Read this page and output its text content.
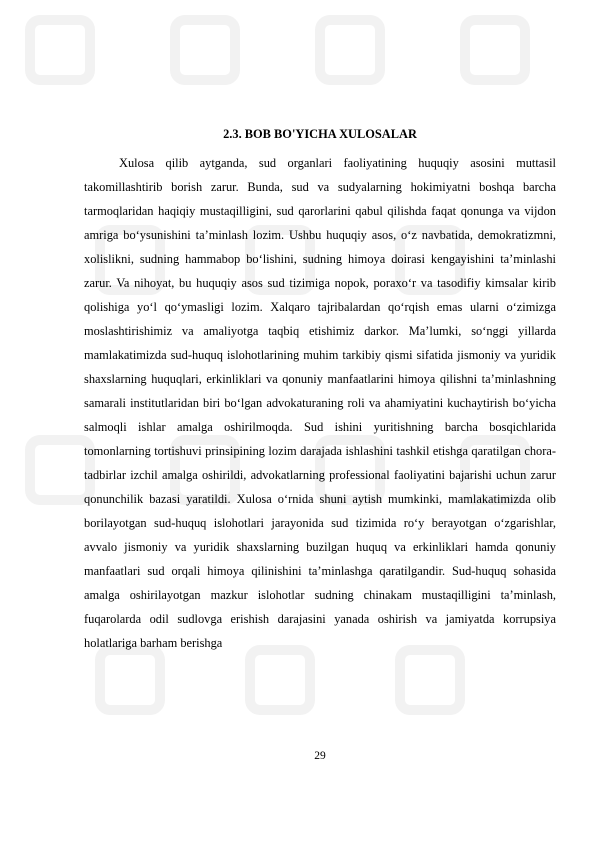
2.3. BOB BO'YICHA XULOSALAR

Xulosa qilib aytganda, sud organlari faoliyatining huquqiy asosini muttasil takomillashtirib borish zarur. Bunda, sud va sudyalarning hokimiyatni boshqa barcha tarmoqlaridan haqiqiy mustaqilligini, sud qarorlarini qabul qilishda faqat qonunga va vijdon amriga bo‘ysunishini ta’minlash lozim. Ushbu huquqiy asos, o‘z navbatida, demokratizmni, xolislikni, sudning hammabop bo‘lishini, sudning himoya doirasi kengayishini ta’minlashi zarur. Va nihoyat, bu huquqiy asos sud tizimiga nopok, poraxo‘r va tasodifiy kimsalar kirib qolishiga yo‘l qo‘ymasligi lozim. Xalqaro tajribalardan qo‘rqish emas ularni o‘zimizga moslashtirishimiz va amaliyotga taqbiq etishimiz darkor. Ma’lumki, so‘nggi yillarda mamlakatimizda sud-huquq islohotlarining muhim tarkibiy qismi sifatida jismoniy va yuridik shaxslarning huquqlari, erkinliklari va qonuniy manfaatlarini himoya qilishni ta’minlashning samarali institutlaridan biri bo‘lgan advokaturaning roli va ahamiyatini kuchaytirish bo‘yicha salmoqli ishlar amalga oshirilmoqda. Sud ishini yuritishning barcha bosqichlarida tomonlarning tortishuvi prinsipining lozim darajada ishlashini tashkil etishga qaratilgan chora-tadbirlar izchil amalga oshirildi, advokatlarning professional faoliyatini bajarishi uchun zarur qonunchilik bazasi yaratildi. Xulosa o‘rnida shuni aytish mumkinki, mamlakatimizda olib borilayotgan sud-huquq islohotlari jarayonida sud tizimida ro‘y berayotgan o‘zgarishlar, avvalo jismoniy va yuridik shaxslarning buzilgan huquq va erkinliklari hamda qonuniy manfaatlari sud orqali himoya qilinishini ta’minlashga qaratilgandir. Sud-huquq sohasida amalga oshirilayotgan mazkur islohotlar sudning chinakam mustaqilligini ta’minlash, fuqarolarda odil sudlovga erishish darajasini yanada oshirish va jamiyatda korrupsiya holatlariga barham berishga

29
